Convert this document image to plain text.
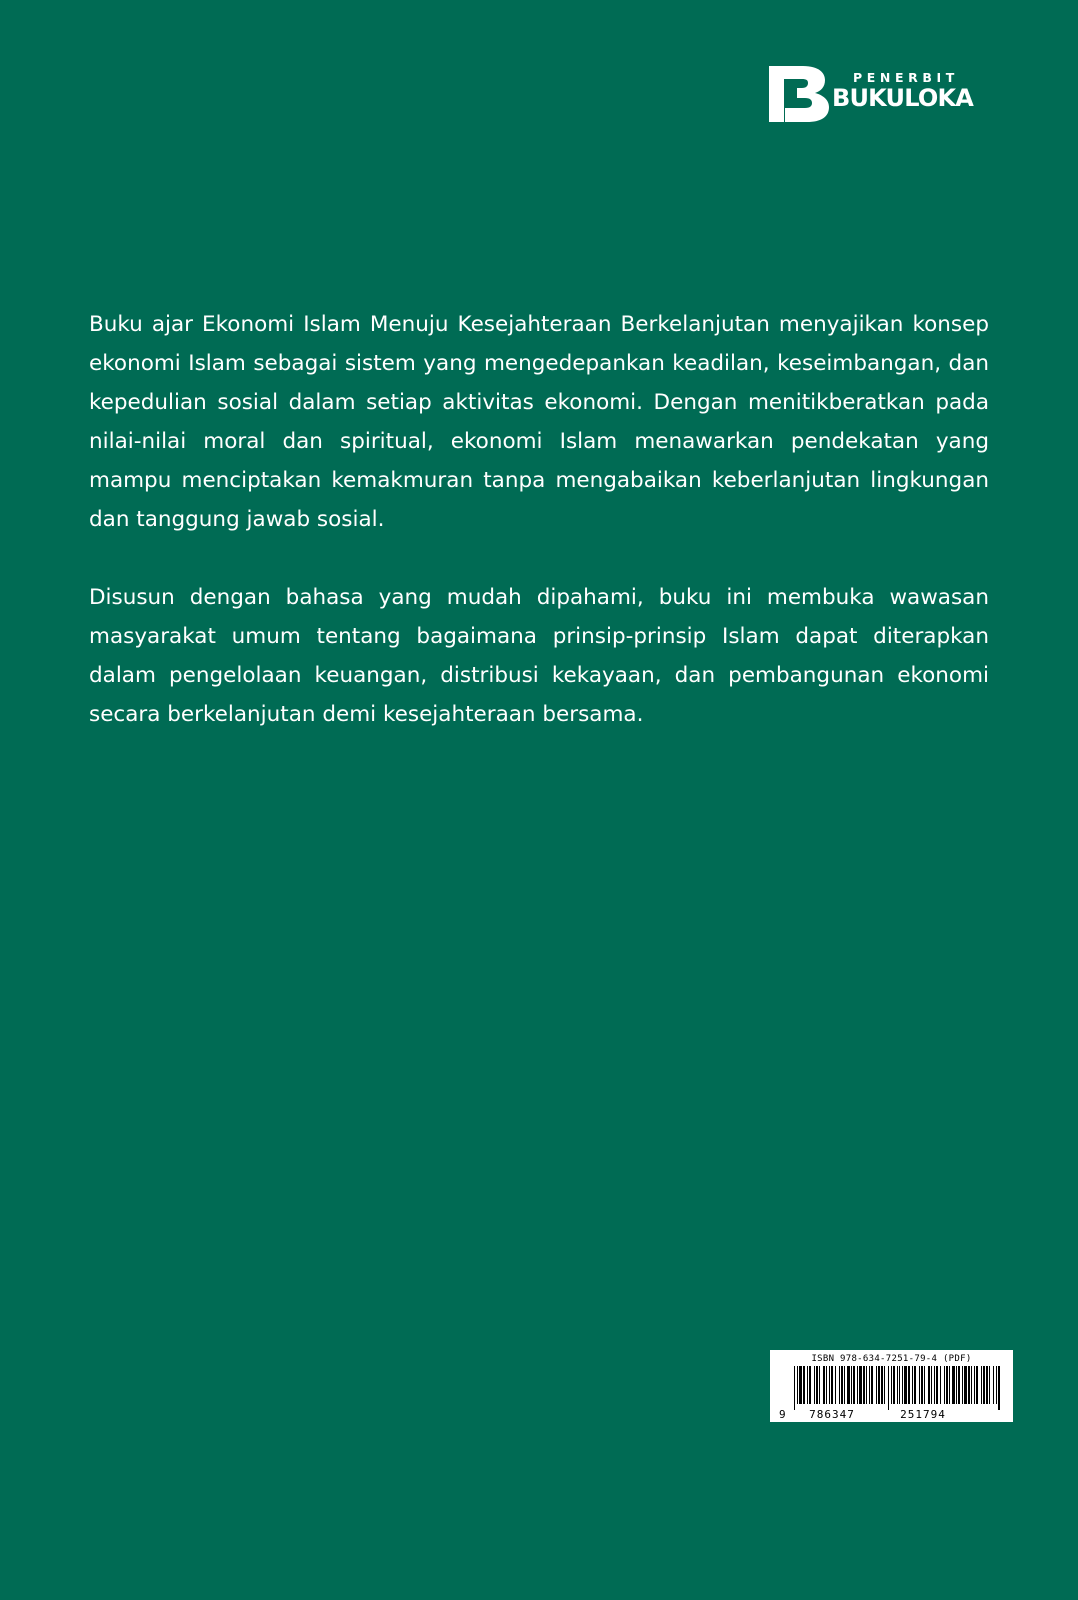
PENERBIT
BUKULOKA

Buku ajar Ekonomi Islam Menuju Kesejahteraan Berkelanjutan menyajikan konsep ekonomi Islam sebagai sistem yang mengedepankan keadilan, keseimbangan, dan kepedulian sosial dalam setiap aktivitas ekonomi. Dengan menitikberatkan pada nilai-nilai moral dan spiritual, ekonomi Islam menawarkan pendekatan yang mampu menciptakan kemakmuran tanpa mengabaikan keberlanjutan lingkungan dan tanggung jawab sosial.

Disusun dengan bahasa yang mudah dipahami, buku ini membuka wawasan masyarakat umum tentang bagaimana prinsip-prinsip Islam dapat diterapkan dalam pengelolaan keuangan, distribusi kekayaan, dan pembangunan ekonomi secara berkelanjutan demi kesejahteraan bersama.

ISBN 978-634-7251-79-4 (PDF)
9 786347	251794
